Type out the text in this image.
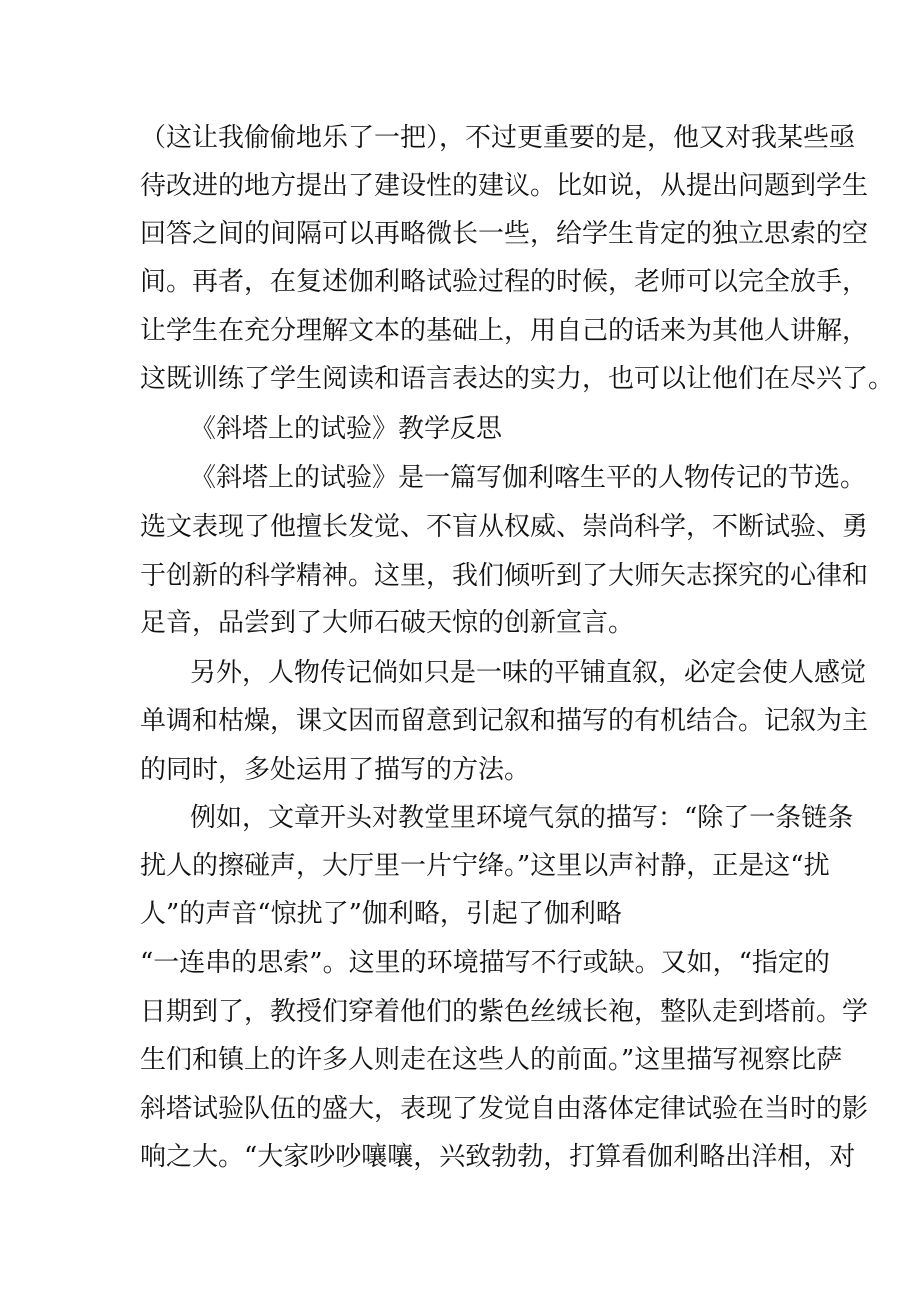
（这让我偷偷地乐了一把），不过更重要的是，他又对我某些亟
待改进的地方提出了建设性的建议。比如说，从提出问题到学生
回答之间的间隔可以再略微长一些，给学生肯定的独立思索的空
间。再者，在复述伽利略试验过程的时候，老师可以完全放手，
让学生在充分理解文本的基础上，用自己的话来为其他人讲解，
这既训练了学生阅读和语言表达的实力，也可以让他们在尽兴了。
《斜塔上的试验》教学反思
《斜塔上的试验》是一篇写伽利喀生平的人物传记的节选。
选文表现了他擅长发觉、不盲从权威、崇尚科学，不断试验、勇
于创新的科学精神。这里，我们倾听到了大师矢志探究的心律和
足音，品尝到了大师石破天惊的创新宣言。
另外，人物传记倘如只是一味的平铺直叙，必定会使人感觉
单调和枯燥，课文因而留意到记叙和描写的有机结合。记叙为主
的同时，多处运用了描写的方法。
例如，文章开头对教堂里环境气氛的描写：“除了一条链条
扰人的擦碰声，大厅里一片宁绛。”这里以声衬静，正是这“扰
人”的声音“惊扰了”伽利略，引起了伽利略
“一连串的思索”。这里的环境描写不行或缺。又如，“指定的
日期到了，教授们穿着他们的紫色丝绒长袍，整队走到塔前。学
生们和镇上的许多人则走在这些人的前面。”这里描写视察比萨
斜塔试验队伍的盛大，表现了发觉自由落体定律试验在当时的影
响之大。“大家吵吵嚷嚷，兴致勃勃，打算看伽利略出洋相，对
